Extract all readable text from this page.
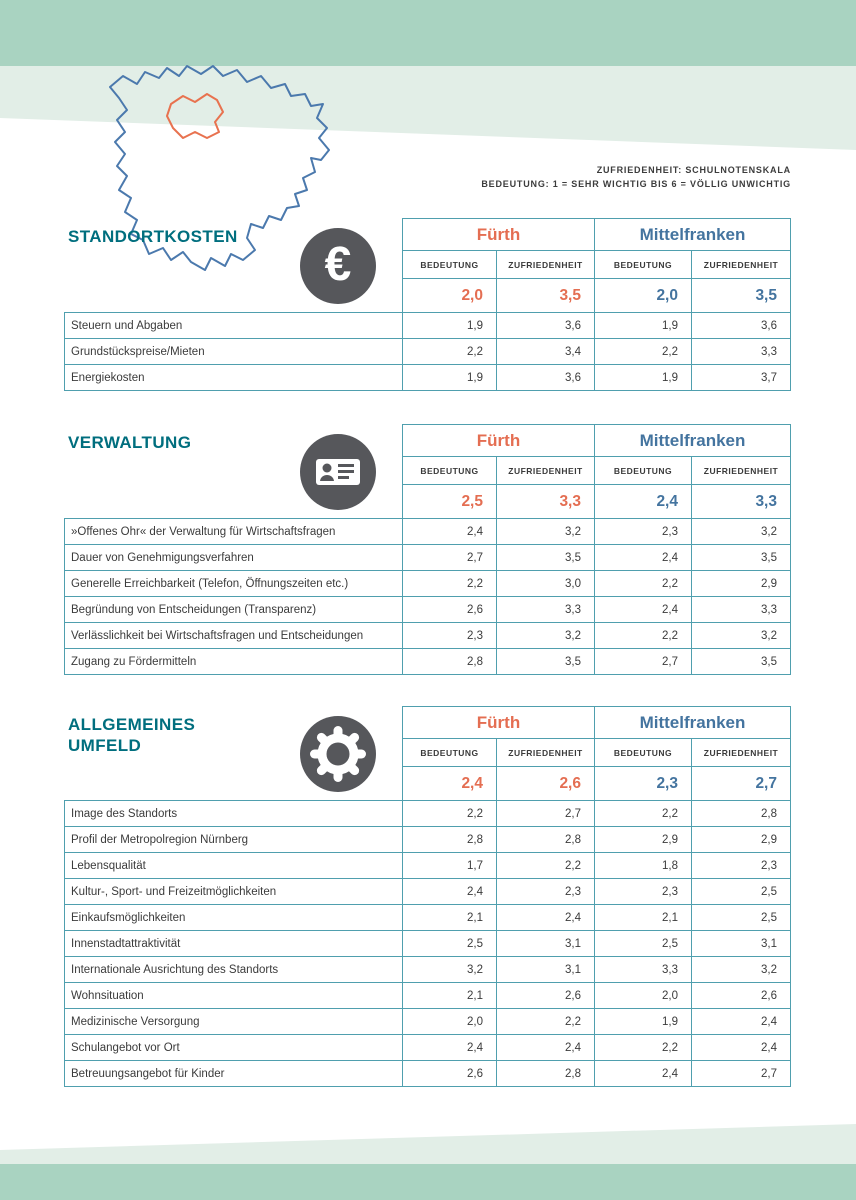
ZUFRIEDENHEIT: SCHULNOTENSKALA
BEDEUTUNG: 1 = SEHR WICHTIG BIS 6 = VÖLLIG UNWICHTIG
STANDORTKOSTEN
€
Fürth	Mittelfranken
BEDEUTUNG	ZUFRIEDENHEIT	BEDEUTUNG	ZUFRIEDENHEIT
2,0	3,5	2,0	3,5
Steuern und Abgaben	1,9	3,6	1,9	3,6
Grundstückspreise/Mieten	2,2	3,4	2,2	3,3
Energiekosten	1,9	3,6	1,9	3,7
VERWALTUNG	Fürth	Mittelfranken
BEDEUTUNG	ZUFRIEDENHEIT	BEDEUTUNG	ZUFRIEDENHEIT
2,5	3,3	2,4	3,3
»Offenes Ohr« der Verwaltung für Wirtschaftsfragen	2,4	3,2	2,3	3,2
Dauer von Genehmigungsverfahren	2,7	3,5	2,4	3,5
Generelle Erreichbarkeit (Telefon, Öffnungszeiten etc.)	2,2	3,0	2,2	2,9
Begründung von Entscheidungen (Transparenz)	2,6	3,3	2,4	3,3
Verlässlichkeit bei Wirtschaftsfragen und Entscheidungen	2,3	3,2	2,2	3,2
Zugang zu Fördermitteln	2,8	3,5	2,7	3,5
ALLGEMEINES UMFELD
Fürth	Mittelfranken
BEDEUTUNG	ZUFRIEDENHEIT	BEDEUTUNG	ZUFRIEDENHEIT
2,4	2,6	2,3	2,7
Image des Standorts	2,2	2,7	2,2	2,8
Profil der Metropolregion Nürnberg	2,8	2,8	2,9	2,9
Lebensqualität	1,7	2,2	1,8	2,3
Kultur-, Sport- und Freizeitmöglichkeiten	2,4	2,3	2,3	2,5
Einkaufsmöglichkeiten	2,1	2,4	2,1	2,5
Innenstadtattraktivität	2,5	3,1	2,5	3,1
Internationale Ausrichtung des Standorts	3,2	3,1	3,3	3,2
Wohnsituation	2,1	2,6	2,0	2,6
Medizinische Versorgung	2,0	2,2	1,9	2,4
Schulangebot vor Ort	2,4	2,4	2,2	2,4
Betreuungsangebot für Kinder	2,6	2,8	2,4	2,7
